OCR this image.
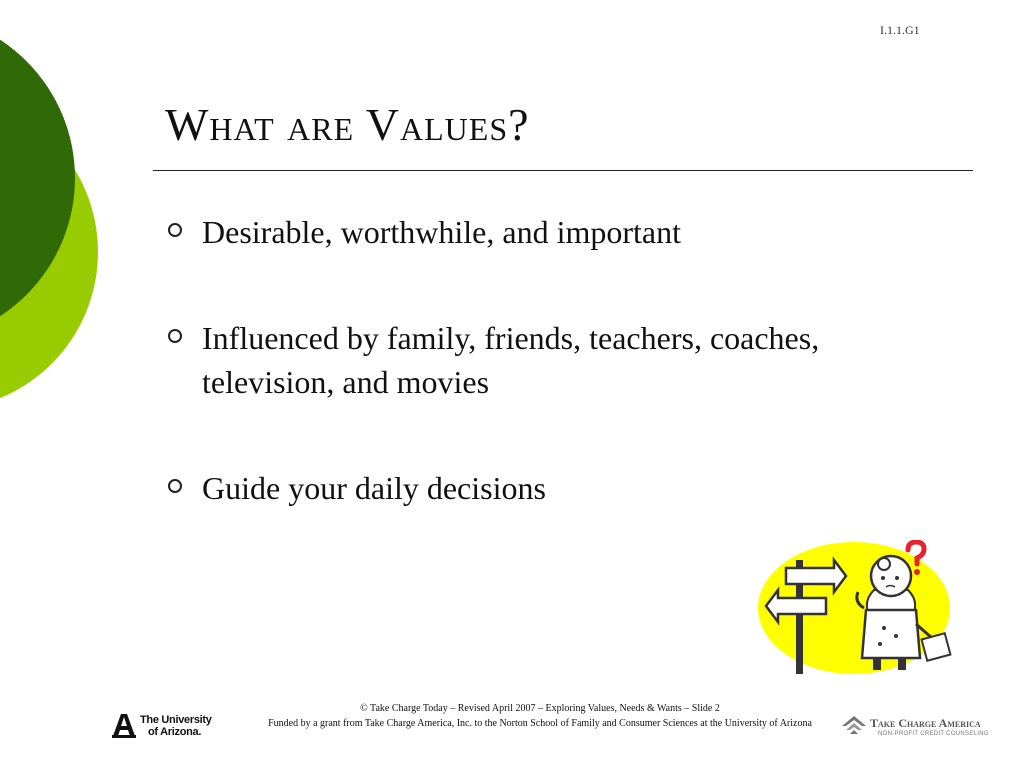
I.1.1.G1
What are Values?
Desirable, worthwhile, and important
Influenced by family, friends, teachers, coaches, television, and movies
Guide your daily decisions
The University
of Arizona.
© Take Charge Today – Revised April 2007 – Exploring Values, Needs & Wants – Slide 2
Funded by a grant from Take Charge America, Inc. to the Norton School of Family and Consumer Sciences at the University of Arizona	Take Charge America
NON-PROFIT CREDIT COUNSELING
